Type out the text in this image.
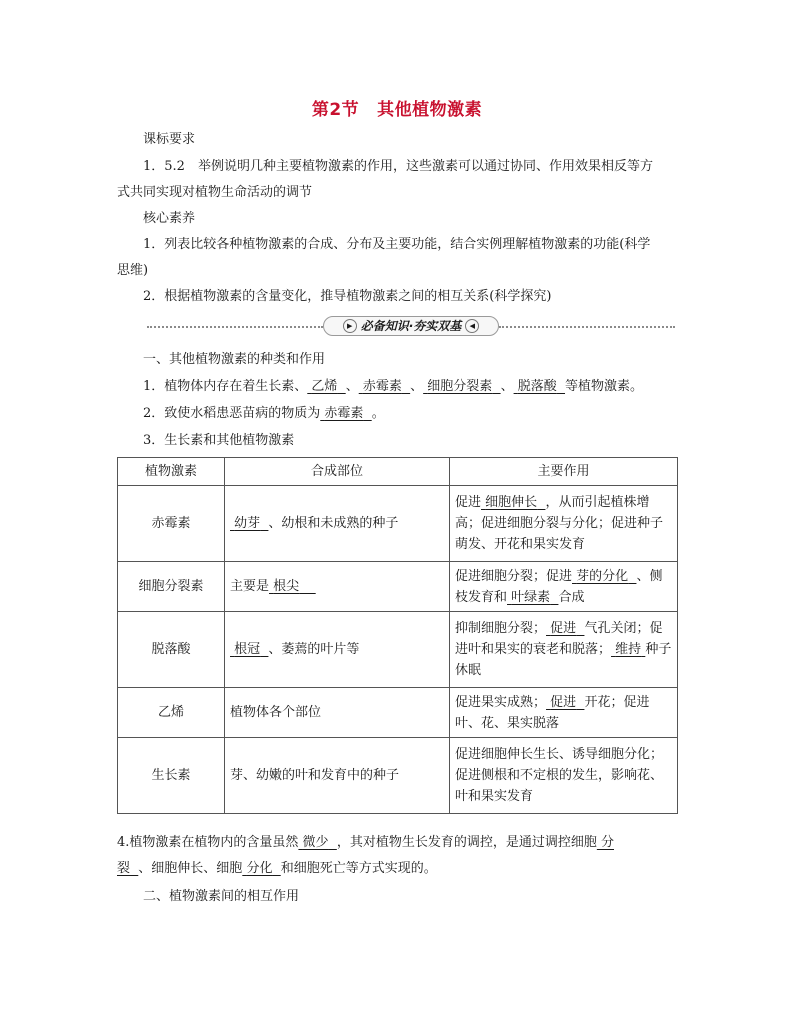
第2节 其他植物激素
课标要求
1．5.2　举例说明几种主要植物激素的作用，这些激素可以通过协同、作用效果相反等方
式共同实现对植物生命活动的调节
核心素养
1．列表比较各种植物激素的合成、分布及主要功能，结合实例理解植物激素的功能(科学
思维)
2．根据植物激素的含量变化，推导植物激素之间的相互关系(科学探究)
▶ 必备知识·夯实双基 ◀
一、其他植物激素的种类和作用
1．植物体内存在着生长素、 乙烯 、 赤霉素 、 细胞分裂素 、 脱落酸 等植物激素。
2．致使水稻患恶苗病的物质为 赤霉素 。
3．生长素和其他植物激素
植物激素	合成部位	主要作用
赤霉素	幼芽 、幼根和未成熟的种子	促进 细胞伸长 ，从而引起植株增高；促进细胞分裂与分化；促进种子萌发、开花和果实发育
细胞分裂素	主要是 根尖	促进细胞分裂；促进 芽的分化 、侧枝发育和 叶绿素 合成
脱落酸	根冠 、萎蔫的叶片等	抑制细胞分裂； 促进 气孔关闭；促进叶和果实的衰老和脱落； 维持 种子休眠
乙烯	植物体各个部位	促进果实成熟； 促进 开花；促进叶、花、果实脱落
生长素	芽、幼嫩的叶和发育中的种子	促进细胞伸长生长、诱导细胞分化；促进侧根和不定根的发生，影响花、叶和果实发育
4.植物激素在植物内的含量虽然 微少 ，其对植物生长发育的调控，是通过调控细胞 分
裂 、细胞伸长、细胞 分化 和细胞死亡等方式实现的。
二、植物激素间的相互作用
